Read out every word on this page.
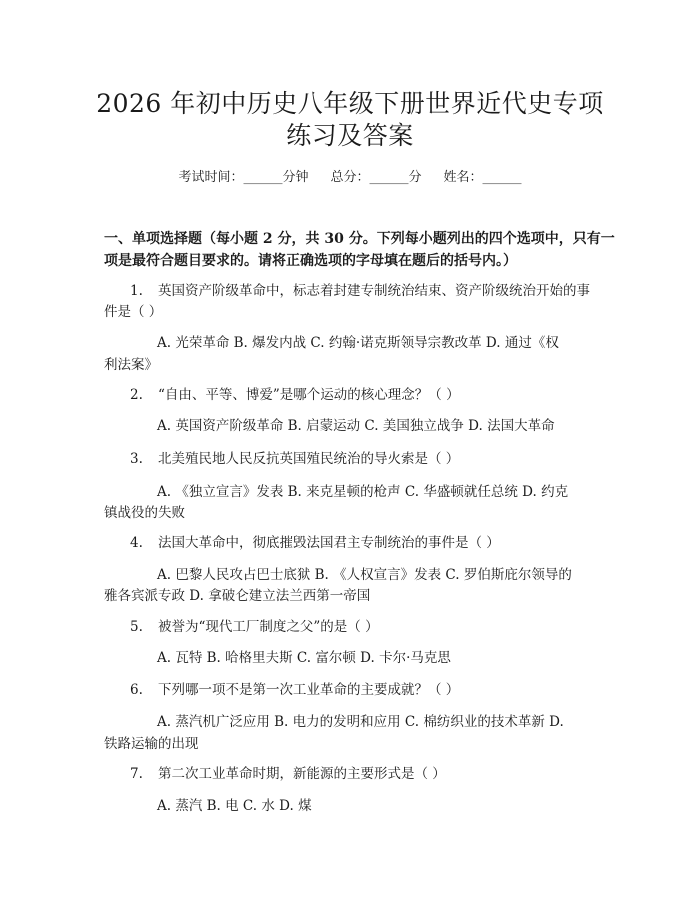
2026 年初中历史八年级下册世界近代史专项
练习及答案
考试时间：______分钟 总分：______分 姓名：______
一、单项选择题（每小题 2 分，共 30 分。下列每小题列出的四个选项中，只有一
项是最符合题目要求的。请将正确选项的字母填在题后的括号内。）
1. 英国资产阶级革命中，标志着封建专制统治结束、资产阶级统治开始的事
件是（ ）
A. 光荣革命 B. 爆发内战 C. 约翰·诺克斯领导宗教改革 D. 通过《权
利法案》
2. “自由、平等、博爱”是哪个运动的核心理念？（ ）
A. 英国资产阶级革命 B. 启蒙运动 C. 美国独立战争 D. 法国大革命
3. 北美殖民地人民反抗英国殖民统治的导火索是（ ）
A. 《独立宣言》发表 B. 来克星顿的枪声 C. 华盛顿就任总统 D. 约克
镇战役的失败
4. 法国大革命中，彻底摧毁法国君主专制统治的事件是（ ）
A. 巴黎人民攻占巴士底狱 B. 《人权宣言》发表 C. 罗伯斯庇尔领导的
雅各宾派专政 D. 拿破仑建立法兰西第一帝国
5. 被誉为“现代工厂制度之父”的是（ ）
A. 瓦特 B. 哈格里夫斯 C. 富尔顿 D. 卡尔·马克思
6. 下列哪一项不是第一次工业革命的主要成就？（ ）
A. 蒸汽机广泛应用 B. 电力的发明和应用 C. 棉纺织业的技术革新 D.
铁路运输的出现
7. 第二次工业革命时期，新能源的主要形式是（ ）
A. 蒸汽 B. 电 C. 水 D. 煤
